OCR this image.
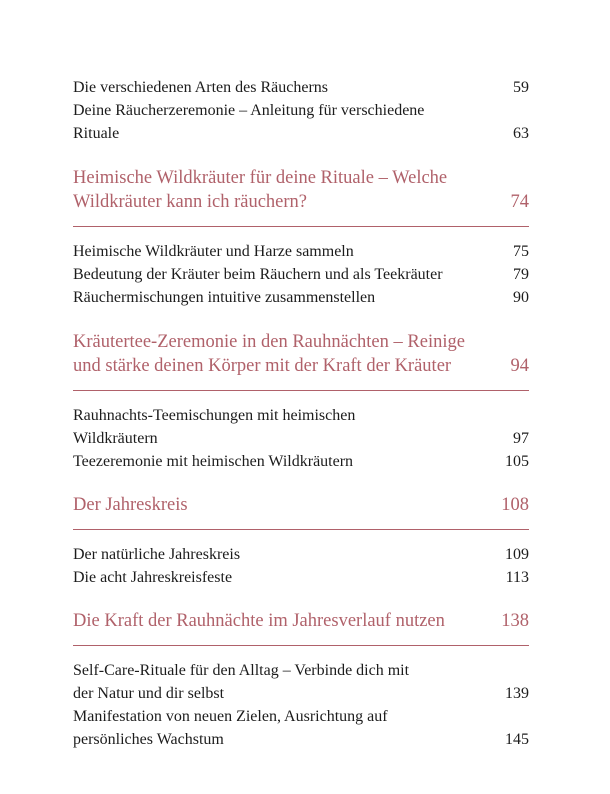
Die verschiedenen Arten des Räucherns	59
Deine Räucherzeremonie – Anleitung für verschiedene
Rituale	63
Heimische Wildkräuter für deine Rituale – Welche
Wildkräuter kann ich räuchern?	74
Heimische Wildkräuter und Harze sammeln	75
Bedeutung der Kräuter beim Räuchern und als Teekräuter	79
Räuchermischungen intuitive zusammenstellen	90
Kräutertee-Zeremonie in den Rauhnächten – Reinige
und stärke deinen Körper mit der Kraft der Kräuter	94
Rauhnachts-Teemischungen mit heimischen
Wildkräutern	97
Teezeremonie mit heimischen Wildkräutern	105
Der Jahreskreis	108
Der natürliche Jahreskreis	109
Die acht Jahreskreisfeste	113
Die Kraft der Rauhnächte im Jahresverlauf nutzen	138
Self-Care-Rituale für den Alltag – Verbinde dich mit
der Natur und dir selbst	139
Manifestation von neuen Zielen, Ausrichtung auf
persönliches Wachstum	145
